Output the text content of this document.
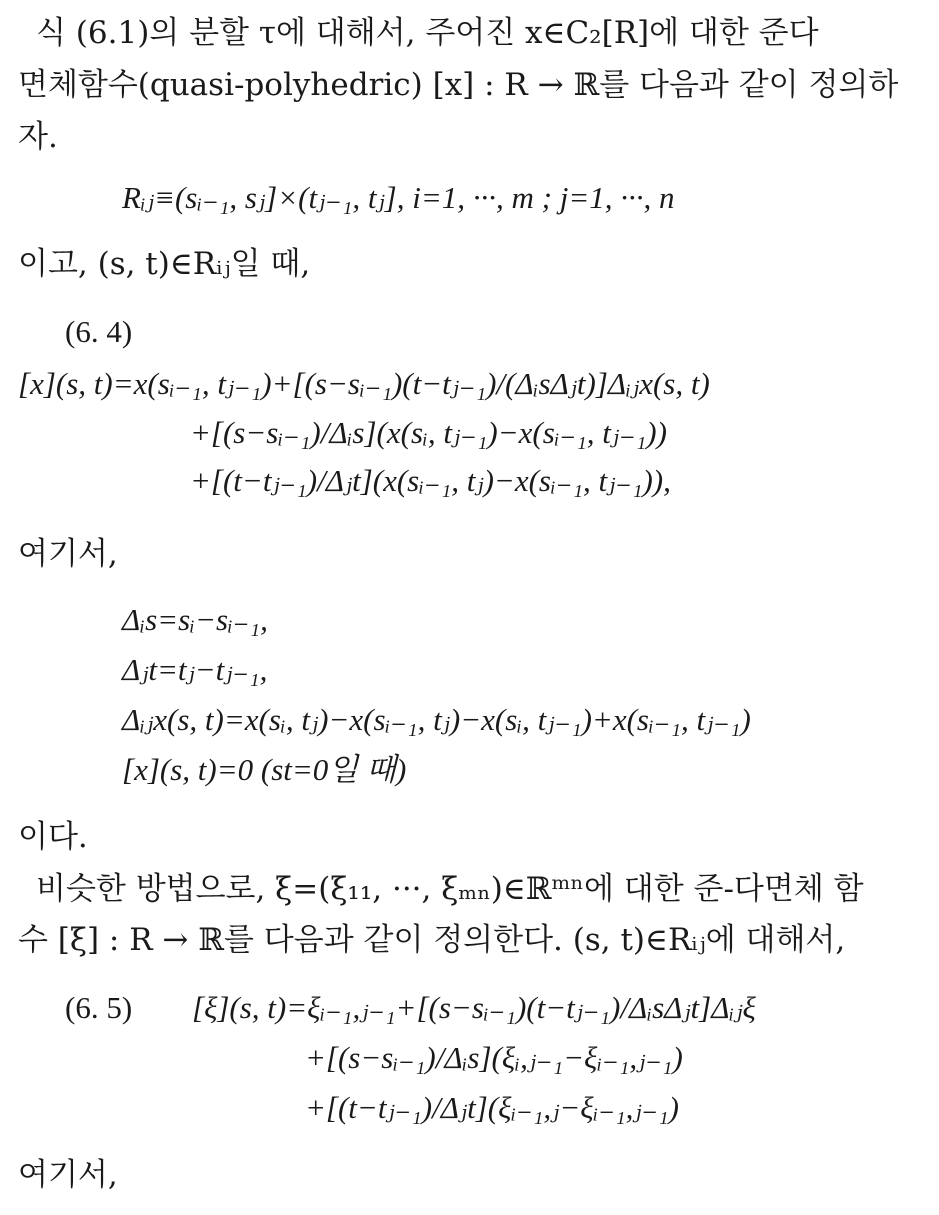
식 (6.1)의 분할 τ에 대해서, 주어진 x∈C₂[R]에 대한 준다
면체함수(quasi-polyhedric) [x] : R → ℝ를 다음과 같이 정의하
자.
Rᵢⱼ≡(sᵢ₋₁, sⱼ]×(tⱼ₋₁, tⱼ], i=1, ···, m ; j=1, ···, n
이고, (s, t)∈Rᵢⱼ일 때,
(6. 4)
[x](s, t)=x(sᵢ₋₁, tⱼ₋₁)+[(s−sᵢ₋₁)(t−tⱼ₋₁)/(ΔᵢsΔⱼt)]Δᵢⱼx(s, t)
+[(s−sᵢ₋₁)/Δᵢs](x(sᵢ, tⱼ₋₁)−x(sᵢ₋₁, tⱼ₋₁))
+[(t−tⱼ₋₁)/Δⱼt](x(sᵢ₋₁, tⱼ)−x(sᵢ₋₁, tⱼ₋₁)),
여기서,
Δᵢs=sᵢ−sᵢ₋₁,
Δⱼt=tⱼ−tⱼ₋₁,
Δᵢⱼx(s, t)=x(sᵢ, tⱼ)−x(sᵢ₋₁, tⱼ)−x(sᵢ, tⱼ₋₁)+x(sᵢ₋₁, tⱼ₋₁)
[x](s, t)=0 (st=0일 때)
이다.
비슷한 방법으로, ξ=(ξ₁₁, ···, ξₘₙ)∈ℝᵐⁿ에 대한 준-다면체 함
수 [ξ] : R → ℝ를 다음과 같이 정의한다. (s, t)∈Rᵢⱼ에 대해서,
(6. 5) [ξ](s, t)=ξᵢ₋₁,ⱼ₋₁+[(s−sᵢ₋₁)(t−tⱼ₋₁)/ΔᵢsΔⱼt]Δᵢⱼξ
+[(s−sᵢ₋₁)/Δᵢs](ξᵢ,ⱼ₋₁−ξᵢ₋₁,ⱼ₋₁)
+[(t−tⱼ₋₁)/Δⱼt](ξᵢ₋₁,ⱼ−ξᵢ₋₁,ⱼ₋₁)
여기서,
